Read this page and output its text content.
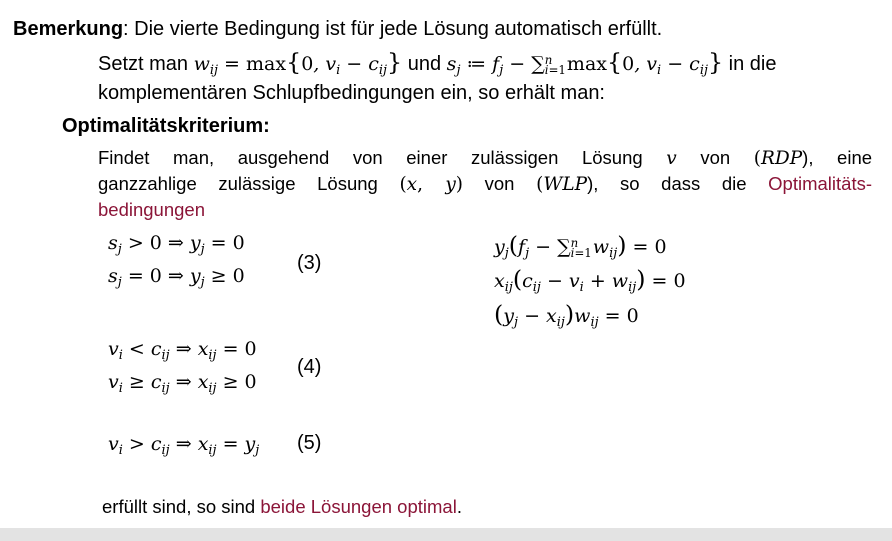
Bemerkung: Die vierte Bedingung ist für jede Lösung automatisch erfüllt.
Setzt man $w_{ij} = \max\{0$, $v_i - c_{ij}$} und $s_j$ ≔ $f_j - \sum n$
i=1max{0, $v_i - c_{ij}$} in die
komplementären Schlupfbedingungen ein, so erhält man:
Optimalitätskriterium:
Findet man, ausgehend von einer zulässigen Lösung v von (RDP), eine
ganzzahlige zulässige Lösung (x, y) von (WLP), so dass die Optimalitäts-
bedingungen
$s_j > 0$ ⇒ $y_j = 0$
$s_j = 0$ ⇒ $y_j \ge 0$
(3)
$v_i < c_{ij}$ ⇒ $x_{ij} = 0$
$v_i \ge c_{ij}$ ⇒ $x_{ij} \ge 0$
(4)
$v_i > c_{ij}$ ⇒ $x_{ij} = y_j$ (5)
$y_j(f_j - \sum n$
$i=1w_{ij}) = 0$
$x_{ij}(c_{ij} - v_i + w_{ij}) = 0$
$(y_j - x_{ij})w_{ij} = 0$
erfüllt sind, so sind beide Lösungen optimal.
